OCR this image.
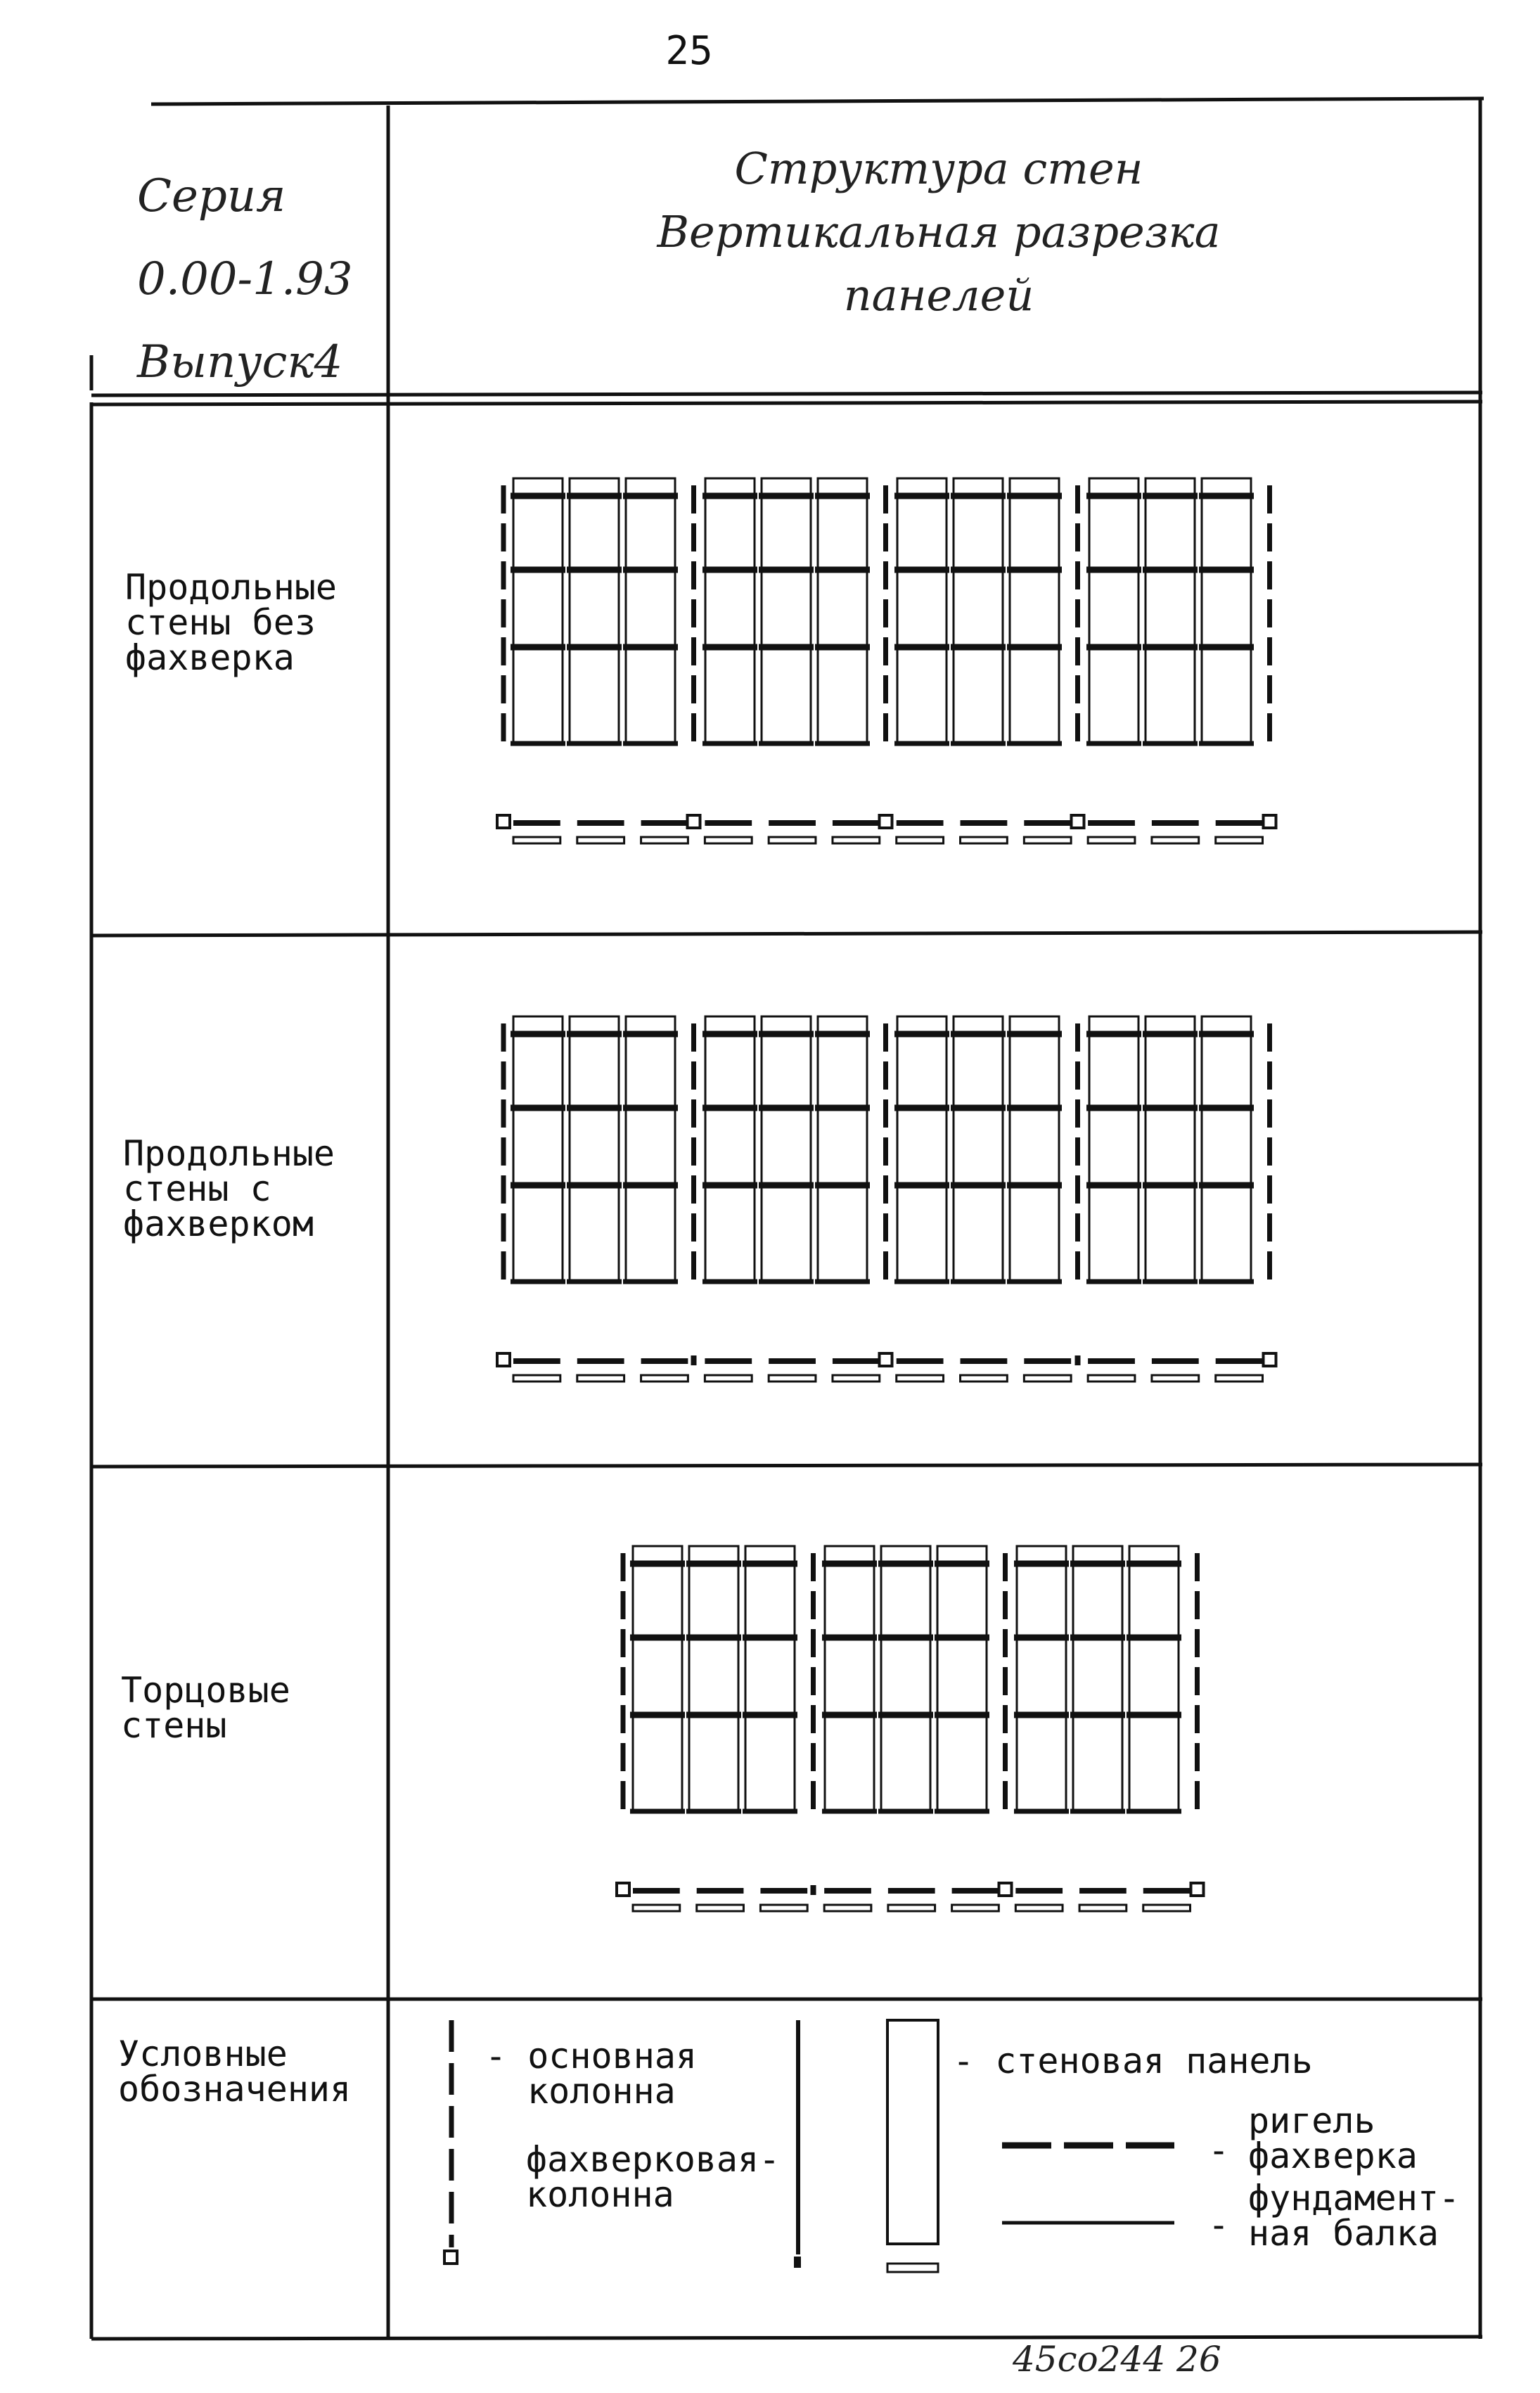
25
Серия
0.00-1.93
Выпуск4
Структура стен
Вертикальная разрезка
панелей
Продольные
стены без
фахверка
Продольные
стены с
фахверком
Торцовые
стены
Условные
обозначения
- основная
колонна
фахверковая-
колонна
- стеновая панель
-
ригель
фахверка
-
фундамент-
ная балка
45со244 26
